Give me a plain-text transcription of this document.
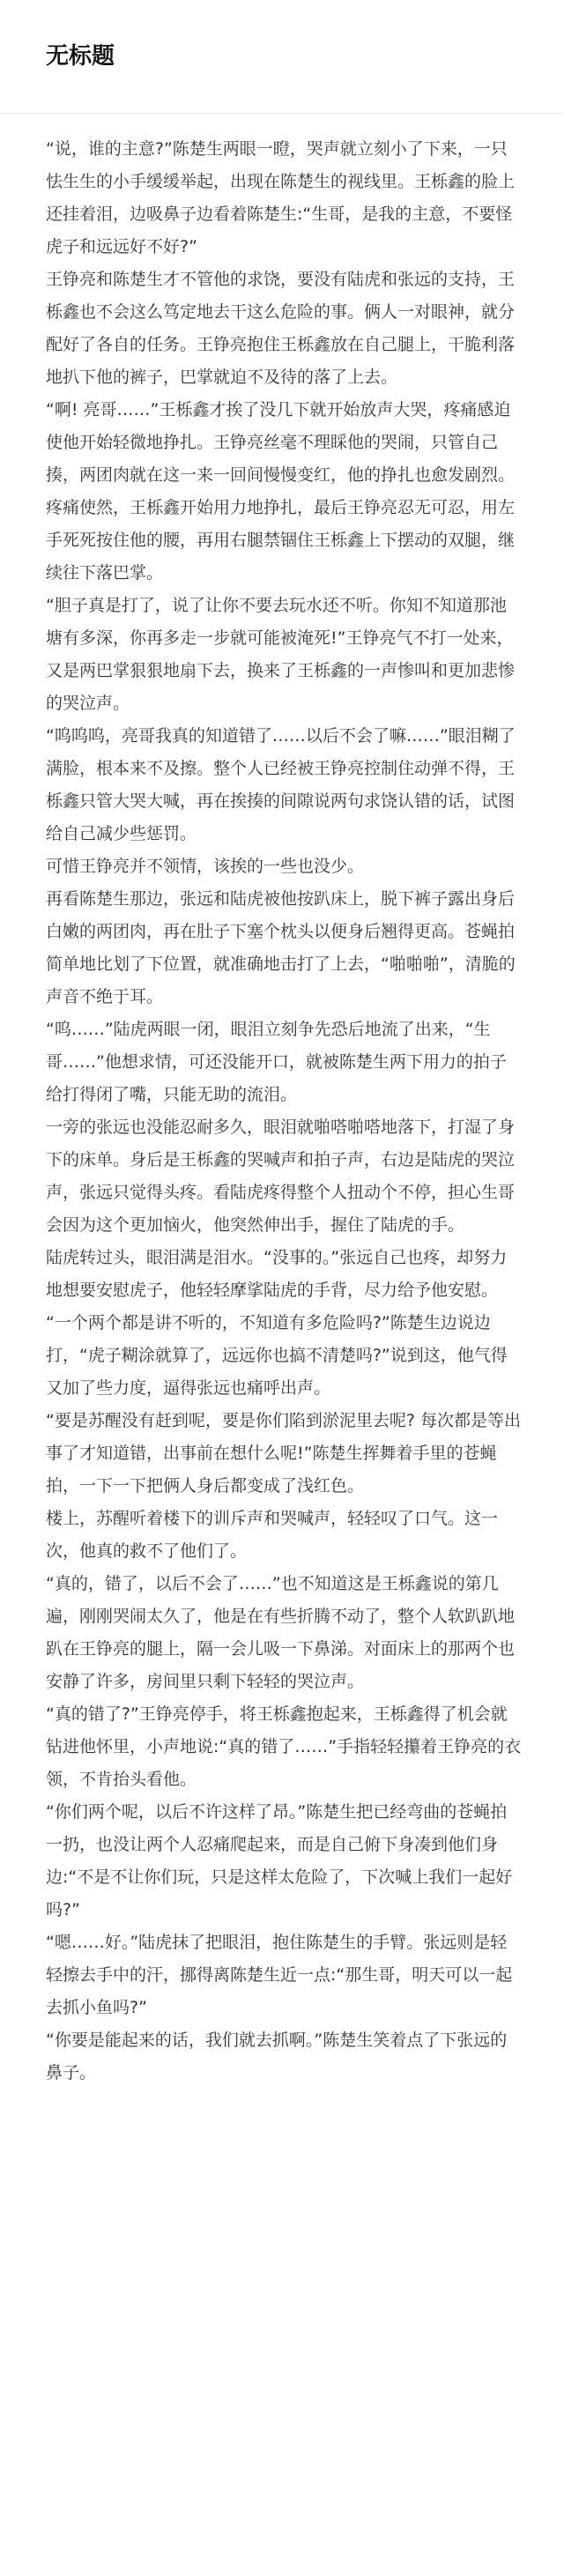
无标题

“说，谁的主意?”陈楚生两眼一瞪，哭声就立刻小了下来，一只怯生生的小手缓缓举起，出现在陈楚生的视线里。王栎鑫的脸上还挂着泪，边吸鼻子边看着陈楚生:“生哥，是我的主意，不要怪虎子和远远好不好?”

王铮亮和陈楚生才不管他的求饶，要没有陆虎和张远的支持，王栎鑫也不会这么笃定地去干这么危险的事。俩人一对眼神，就分配好了各自的任务。王铮亮抱住王栎鑫放在自己腿上，干脆利落地扒下他的裤子，巴掌就迫不及待的落了上去。

“啊! 亮哥……”王栎鑫才挨了没几下就开始放声大哭，疼痛感迫使他开始轻微地挣扎。王铮亮丝毫不理睬他的哭闹，只管自己揍，两团肉就在这一来一回间慢慢变红，他的挣扎也愈发剧烈。

疼痛使然，王栎鑫开始用力地挣扎，最后王铮亮忍无可忍，用左手死死按住他的腰，再用右腿禁锢住王栎鑫上下摆动的双腿，继续往下落巴掌。

“胆子真是打了，说了让你不要去玩水还不听。你知不知道那池塘有多深，你再多走一步就可能被淹死!”王铮亮气不打一处来，又是两巴掌狠狠地扇下去，换来了王栎鑫的一声惨叫和更加悲惨的哭泣声。

“呜呜呜，亮哥我真的知道错了……以后不会了嘛……”眼泪糊了满脸，根本来不及擦。整个人已经被王铮亮控制住动弹不得，王栎鑫只管大哭大喊，再在挨揍的间隙说两句求饶认错的话，试图给自己减少些惩罚。

可惜王铮亮并不领情，该挨的一些也没少。

再看陈楚生那边，张远和陆虎被他按趴床上，脱下裤子露出身后白嫩的两团肉，再在肚子下塞个枕头以便身后翘得更高。苍蝇拍简单地比划了下位置，就准确地击打了上去，“啪啪啪”，清脆的声音不绝于耳。

“呜……”陆虎两眼一闭，眼泪立刻争先恐后地流了出来，“生哥……”他想求情，可还没能开口，就被陈楚生两下用力的拍子给打得闭了嘴，只能无助的流泪。

一旁的张远也没能忍耐多久，眼泪就啪嗒啪嗒地落下，打湿了身下的床单。身后是王栎鑫的哭喊声和拍子声，右边是陆虎的哭泣声，张远只觉得头疼。看陆虎疼得整个人扭动个不停，担心生哥会因为这个更加恼火，他突然伸出手，握住了陆虎的手。

陆虎转过头，眼泪满是泪水。“没事的。”张远自己也疼，却努力地想要安慰虎子，他轻轻摩挲陆虎的手背，尽力给予他安慰。

“一个两个都是讲不听的，不知道有多危险吗?”陈楚生边说边打，“虎子糊涂就算了，远远你也搞不清楚吗?”说到这，他气得又加了些力度，逼得张远也痛呼出声。

“要是苏醒没有赶到呢，要是你们陷到淤泥里去呢? 每次都是等出事了才知道错，出事前在想什么呢!”陈楚生挥舞着手里的苍蝇拍，一下一下把俩人身后都变成了浅红色。

楼上，苏醒听着楼下的训斥声和哭喊声，轻轻叹了口气。这一次，他真的救不了他们了。

“真的，错了，以后不会了……”也不知道这是王栎鑫说的第几遍，刚刚哭闹太久了，他是在有些折腾不动了，整个人软趴趴地趴在王铮亮的腿上，隔一会儿吸一下鼻涕。对面床上的那两个也安静了许多，房间里只剩下轻轻的哭泣声。

“真的错了?”王铮亮停手，将王栎鑫抱起来，王栎鑫得了机会就钻进他怀里，小声地说:“真的错了……”手指轻轻攥着王铮亮的衣领，不肯抬头看他。

“你们两个呢，以后不许这样了昂。”陈楚生把已经弯曲的苍蝇拍一扔，也没让两个人忍痛爬起来，而是自己俯下身凑到他们身边:“不是不让你们玩，只是这样太危险了，下次喊上我们一起好吗?”

“嗯……好。”陆虎抹了把眼泪，抱住陈楚生的手臂。张远则是轻轻擦去手中的汗，挪得离陈楚生近一点:“那生哥，明天可以一起去抓小鱼吗?”

“你要是能起来的话，我们就去抓啊。”陈楚生笑着点了下张远的鼻子。
